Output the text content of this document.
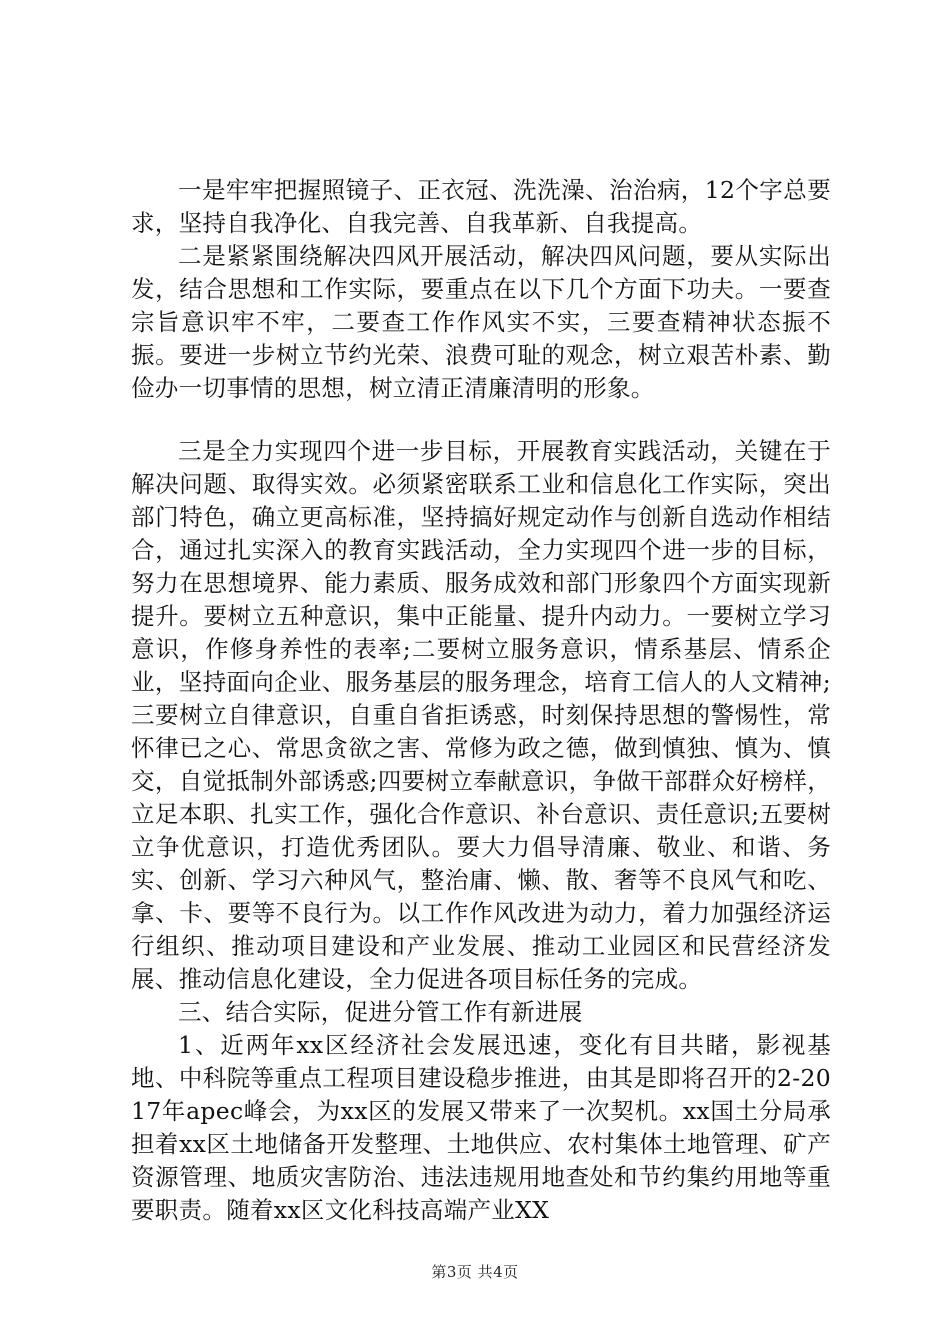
一是牢牢把握照镜子、正衣冠、洗洗澡、治治病，12个字总要求，坚持自我净化、自我完善、自我革新、自我提高。

二是紧紧围绕解决四风开展活动，解决四风问题，要从实际出发，结合思想和工作实际，要重点在以下几个方面下功夫。一要查宗旨意识牢不牢，二要查工作作风实不实，三要查精神状态振不振。要进一步树立节约光荣、浪费可耻的观念，树立艰苦朴素、勤俭办一切事情的思想，树立清正清廉清明的形象。

三是全力实现四个进一步目标，开展教育实践活动，关键在于解决问题、取得实效。必须紧密联系工业和信息化工作实际，突出部门特色，确立更高标准，坚持搞好规定动作与创新自选动作相结合，通过扎实深入的教育实践活动，全力实现四个进一步的目标，努力在思想境界、能力素质、服务成效和部门形象四个方面实现新提升。要树立五种意识，集中正能量、提升内动力。一要树立学习意识，作修身养性的表率;二要树立服务意识，情系基层、情系企业，坚持面向企业、服务基层的服务理念，培育工信人的人文精神;三要树立自律意识，自重自省拒诱惑，时刻保持思想的警惕性，常怀律已之心、常思贪欲之害、常修为政之德，做到慎独、慎为、慎交，自觉抵制外部诱惑;四要树立奉献意识，争做干部群众好榜样，立足本职、扎实工作，强化合作意识、补台意识、责任意识;五要树立争优意识，打造优秀团队。要大力倡导清廉、敬业、和谐、务实、创新、学习六种风气，整治庸、懒、散、奢等不良风气和吃、拿、卡、要等不良行为。以工作作风改进为动力，着力加强经济运行组织、推动项目建设和产业发展、推动工业园区和民营经济发展、推动信息化建设，全力促进各项目标任务的完成。

三、结合实际，促进分管工作有新进展

1、近两年xx区经济社会发展迅速，变化有目共睹，影视基地、中科院等重点工程项目建设稳步推进，由其是即将召开的2-2017年apec峰会，为xx区的发展又带来了一次契机。xx国土分局承担着xx区土地储备开发整理、土地供应、农村集体土地管理、矿产资源管理、地质灾害防治、违法违规用地查处和节约集约用地等重要职责。随着xx区文化科技高端产业XX

第3页 共4页
